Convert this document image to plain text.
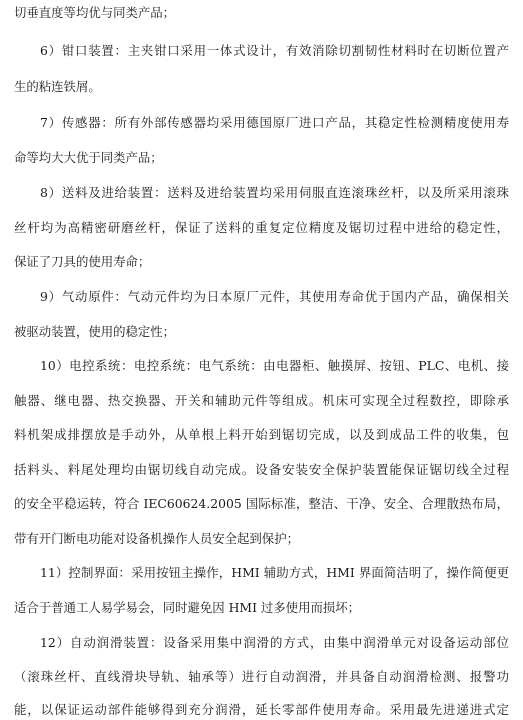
切垂直度等均优与同类产品；
6）钳口装置：主夹钳口采用一体式设计，有效消除切割韧性材料时在切断位置产
生的粘连铁屑。
7）传感器：所有外部传感器均采用德国原厂进口产品，其稳定性检测精度使用寿
命等均大大优于同类产品；
8）送料及进给装置：送料及进给装置均采用伺服直连滚珠丝杆，以及所采用滚珠
丝杆均为高精密研磨丝杆，保证了送料的重复定位精度及锯切过程中进给的稳定性，
保证了刀具的使用寿命；
9）气动原件：气动元件均为日本原厂元件，其使用寿命优于国内产品，确保相关
被驱动装置，使用的稳定性；
10）电控系统：电控系统：电气系统：由电器柜、触摸屏、按钮、PLC、电机、接
触器、继电器、热交换器、开关和辅助元件等组成。机床可实现全过程数控，即除承
料机架成排摆放是手动外，从单根上料开始到锯切完成，以及到成品工件的收集，包
括料头、料尾处理均由锯切线自动完成。设备安装安全保护装置能保证锯切线全过程
的安全平稳运转，符合 IEC60624.2005 国际标准，整洁、干净、安全、合理散热布局，
带有开门断电功能对设备机操作人员安全起到保护；
11）控制界面：采用按钮主操作，HMI 辅助方式，HMI 界面简洁明了，操作简便更
适合于普通工人易学易会，同时避免因 HMI 过多使用而损坏；
12）自动润滑装置：设备采用集中润滑的方式，由集中润滑单元对设备运动部位
（滚珠丝杆、直线滑块导轨、轴承等）进行自动润滑，并具备自动润滑检测、报警功
能，以保证运动部件能够得到充分润滑，延长零部件使用寿命。采用最先进递进式定
